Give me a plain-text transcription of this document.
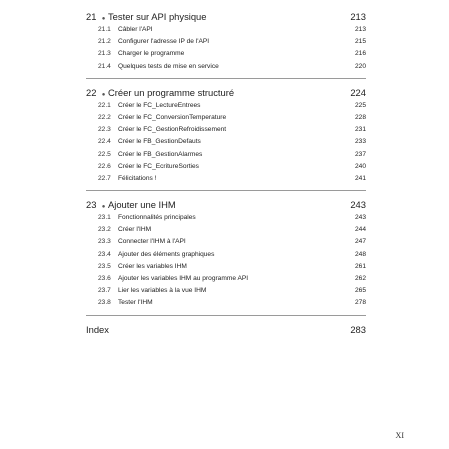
21 ● Tester sur API physique	213
21.1	Câbler l'API	213
21.2	Configurer l'adresse IP de l'API	215
21.3	Charger le programme	216
21.4	Quelques tests de mise en service	220
22 ● Créer un programme structuré	224
22.1	Créer le FC_LectureEntrees	225
22.2	Créer le FC_ConversionTemperature	228
22.3	Créer le FC_GestionRefroidissement	231
22.4	Créer le FB_GestionDefauts	233
22.5	Créer le FB_GestionAlarmes	237
22.6	Créer le FC_EcritureSorties	240
22.7	Félicitations !	241
23 ● Ajouter une IHM	243
23.1	Fonctionnalités principales	243
23.2	Créer l'IHM	244
23.3	Connecter l'IHM à l'API	247
23.4	Ajouter des éléments graphiques	248
23.5	Créer les variables IHM	261
23.6	Ajouter les variables IHM au programme API	262
23.7	Lier les variables à la vue IHM	265
23.8	Tester l'IHM	278
Index	283
XI
